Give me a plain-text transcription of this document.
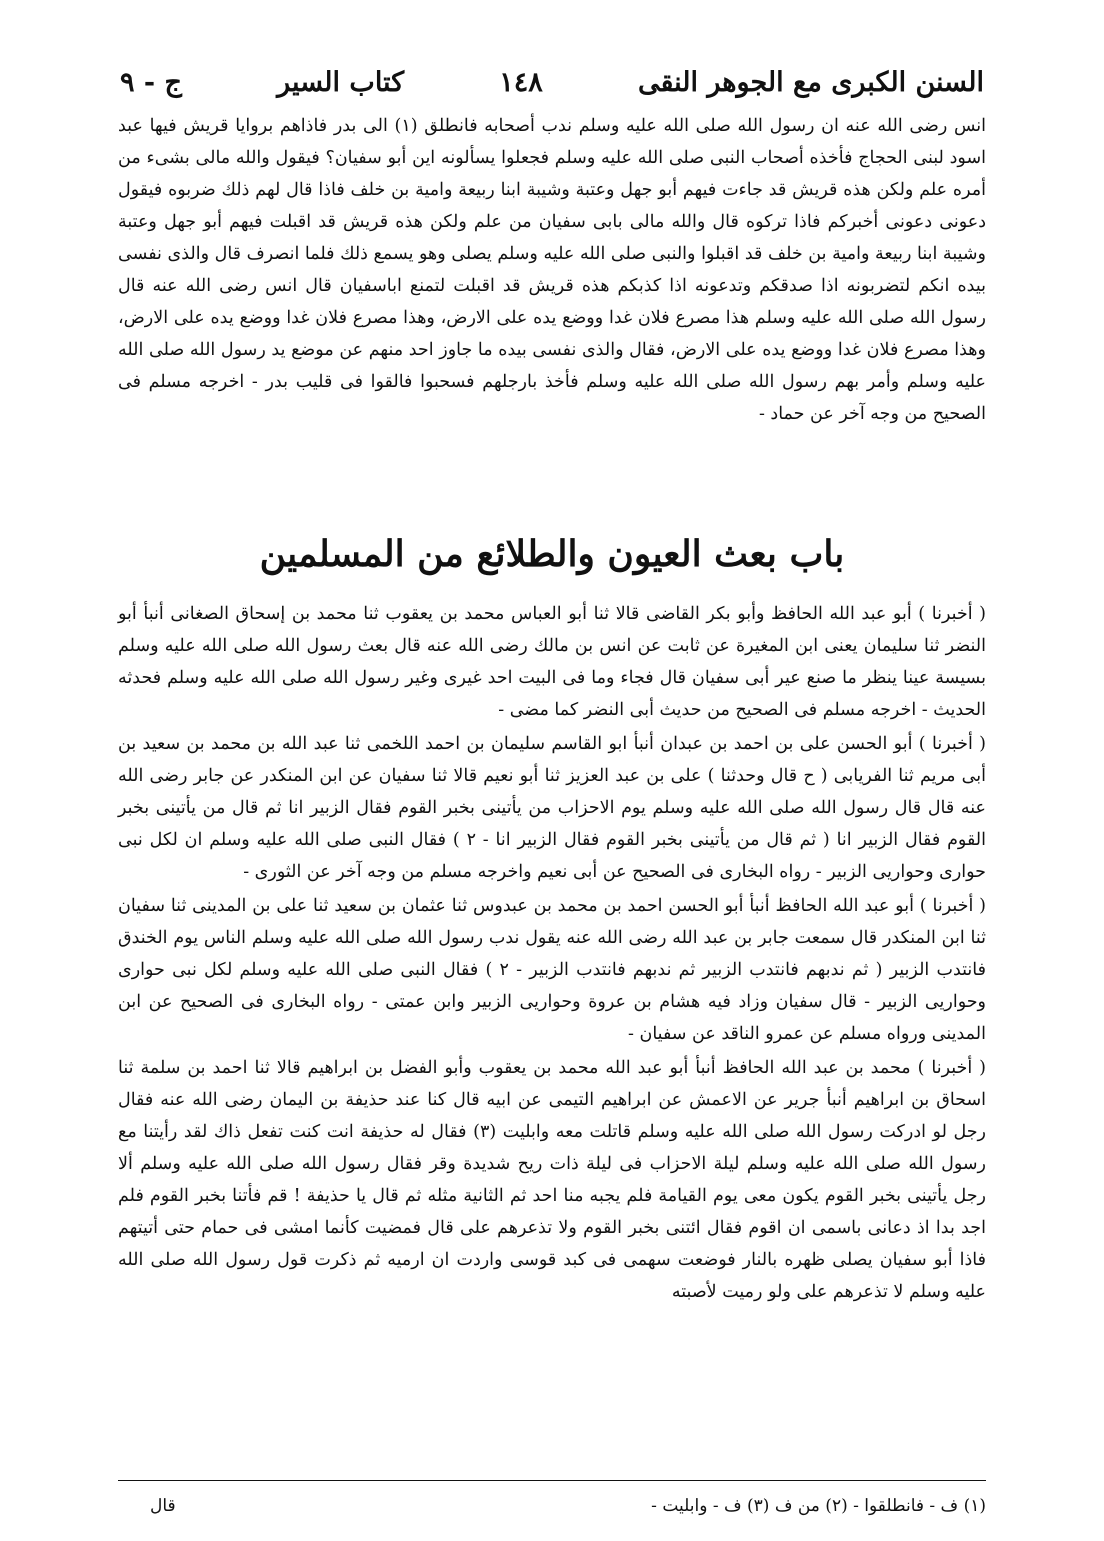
السنن الكبرى مع الجوهر النقى
١٤٨
كتاب السير
ج - ٩

انس رضى الله عنه ان رسول الله صلى الله عليه وسلم ندب أصحابه فانطلق (١) الى بدر فاذاهم بروايا قريش فيها عبد اسود لبنى الحجاج فأخذه أصحاب النبى صلى الله عليه وسلم فجعلوا يسألونه اين أبو سفيان؟ فيقول والله مالى بشىء من أمره علم ولكن هذه قريش قد جاءت فيهم أبو جهل وعتبة وشيبة ابنا ربيعة وامية بن خلف فاذا قال لهم ذلك ضربوه فيقول دعونى دعونى أخبركم فاذا تركوه قال والله مالى بابى سفيان من علم ولكن هذه قريش قد اقبلت فيهم أبو جهل وعتبة وشيبة ابنا ربيعة وامية بن خلف قد اقبلوا والنبى صلى الله عليه وسلم يصلى وهو يسمع ذلك فلما انصرف قال والذى نفسى بيده انكم لتضربونه اذا صدقكم وتدعونه اذا كذبكم هذه قريش قد اقبلت لتمنع اباسفيان قال انس رضى الله عنه قال رسول الله صلى الله عليه وسلم هذا مصرع فلان غدا ووضع يده على الارض، وهذا مصرع فلان غدا ووضع يده على الارض، وهذا مصرع فلان غدا ووضع يده على الارض، فقال والذى نفسى بيده ما جاوز احد منهم عن موضع يد رسول الله صلى الله عليه وسلم وأمر بهم رسول الله صلى الله عليه وسلم فأخذ بارجلهم فسحبوا فالقوا فى قليب بدر - اخرجه مسلم فى الصحيح من وجه آخر عن حماد -

باب بعث العيون والطلائع من المسلمين

( أخبرنا ) أبو عبد الله الحافظ وأبو بكر القاضى قالا ثنا أبو العباس محمد بن يعقوب ثنا محمد بن إسحاق الصغانى أنبأ أبو النضر ثنا سليمان يعنى ابن المغيرة عن ثابت عن انس بن مالك رضى الله عنه قال بعث رسول الله صلى الله عليه وسلم بسيسة عينا ينظر ما صنع عير أبى سفيان قال فجاء وما فى البيت احد غيرى وغير رسول الله صلى الله عليه وسلم فحدثه الحديث - اخرجه مسلم فى الصحيح من حديث أبى النضر كما مضى -

( أخبرنا ) أبو الحسن على بن احمد بن عبدان أنبأ ابو القاسم سليمان بن احمد اللخمى ثنا عبد الله بن محمد بن سعيد بن أبى مريم ثنا الفريابى ( ح قال وحدثنا ) على بن عبد العزيز ثنا أبو نعيم قالا ثنا سفيان عن ابن المنكدر عن جابر رضى الله عنه قال قال رسول الله صلى الله عليه وسلم يوم الاحزاب من يأتينى بخبر القوم فقال الزبير انا ثم قال من يأتينى بخبر القوم فقال الزبير انا ( ثم قال من يأتينى بخبر القوم فقال الزبير انا - ٢ ) فقال النبى صلى الله عليه وسلم ان لكل نبى حوارى وحواريى الزبير - رواه البخارى فى الصحيح عن أبى نعيم واخرجه مسلم من وجه آخر عن الثورى -

( أخبرنا ) أبو عبد الله الحافظ أنبأ أبو الحسن احمد بن محمد بن عبدوس ثنا عثمان بن سعيد ثنا على بن المدينى ثنا سفيان ثنا ابن المنكدر قال سمعت جابر بن عبد الله رضى الله عنه يقول ندب رسول الله صلى الله عليه وسلم الناس يوم الخندق فانتدب الزبير ( ثم ندبهم فانتدب الزبير ثم ندبهم فانتدب الزبير - ٢ ) فقال النبى صلى الله عليه وسلم لكل نبى حوارى وحواريى الزبير - قال سفيان وزاد فيه هشام بن عروة وحواريى الزبير وابن عمتى - رواه البخارى فى الصحيح عن ابن المدينى ورواه مسلم عن عمرو الناقد عن سفيان -

( أخبرنا ) محمد بن عبد الله الحافظ أنبأ أبو عبد الله محمد بن يعقوب وأبو الفضل بن ابراهيم قالا ثنا احمد بن سلمة ثنا اسحاق بن ابراهيم أنبأ جرير عن الاعمش عن ابراهيم التيمى عن ابيه قال كنا عند حذيفة بن اليمان رضى الله عنه فقال رجل لو ادركت رسول الله صلى الله عليه وسلم قاتلت معه وابليت (٣) فقال له حذيفة انت كنت تفعل ذاك لقد رأيتنا مع رسول الله صلى الله عليه وسلم ليلة الاحزاب فى ليلة ذات ريح شديدة وقر فقال رسول الله صلى الله عليه وسلم ألا رجل يأتينى بخبر القوم يكون معى يوم القيامة فلم يجبه منا احد ثم الثانية مثله ثم قال يا حذيفة ! قم فأتنا بخبر القوم فلم اجد بدا اذ دعانى باسمى ان اقوم فقال ائتنى بخبر القوم ولا تذعرهم على قال فمضيت كأنما امشى فى حمام حتى أتيتهم فاذا أبو سفيان يصلى ظهره بالنار فوضعت سهمى فى كبد قوسى واردت ان ارميه ثم ذكرت قول رسول الله صلى الله عليه وسلم لا تذعرهم على ولو رميت لأصبته

(١) ف - فانطلقوا - (٢) من ف (٣) ف - وابليت -
قال
